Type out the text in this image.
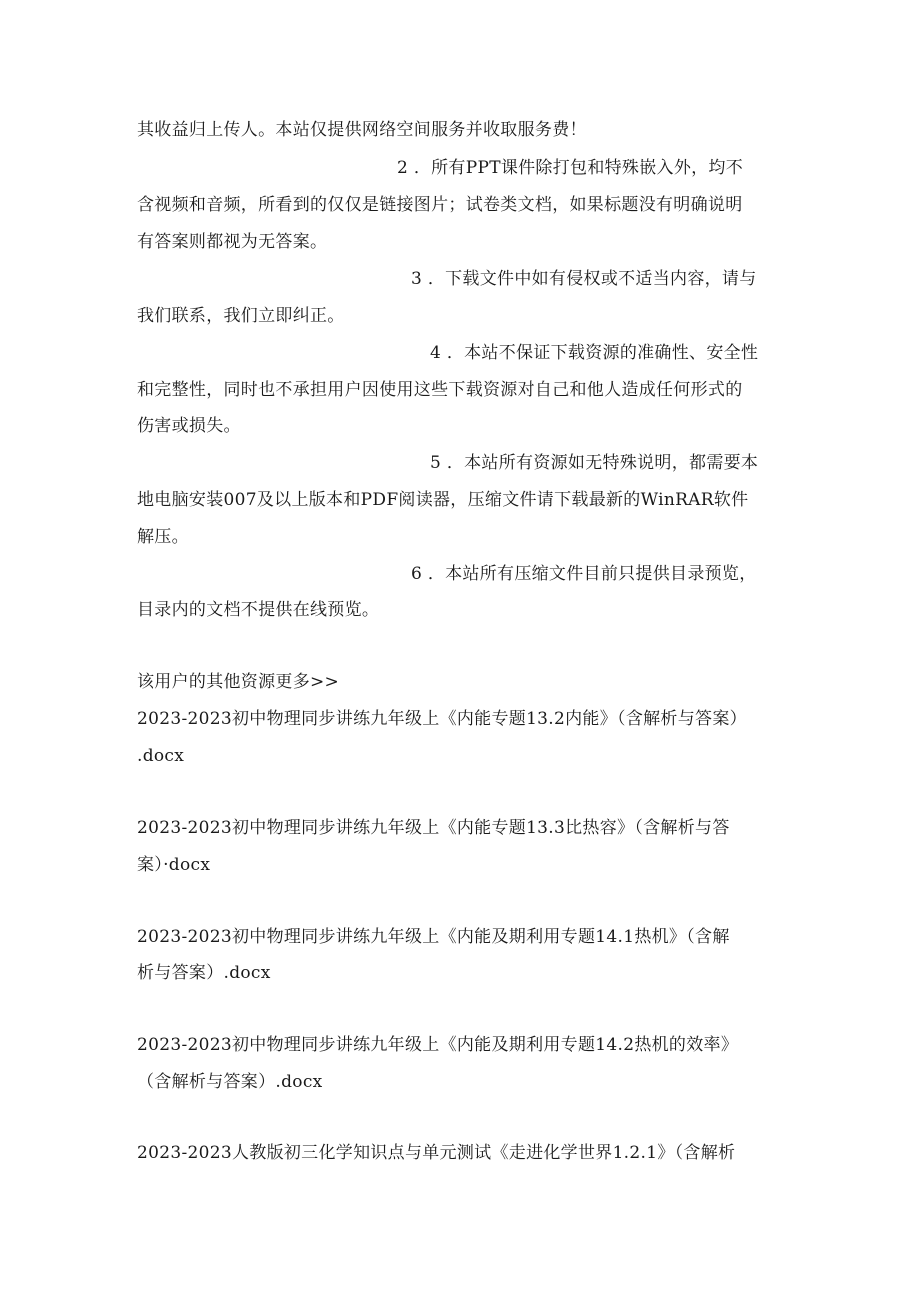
其收益归上传人。本站仅提供网络空间服务并收取服务费！
2 ．所有PPT课件除打包和特殊嵌入外，均不
含视频和音频，所看到的仅仅是链接图片；试卷类文档，如果标题没有明确说明
有答案则都视为无答案。
3 ．下载文件中如有侵权或不适当内容，请与
我们联系，我们立即纠正。
4 ．本站不保证下载资源的准确性、安全性
和完整性，同时也不承担用户因使用这些下载资源对自己和他人造成任何形式的
伤害或损失。
5 ．本站所有资源如无特殊说明，都需要本
地电脑安装007及以上版本和PDF阅读器，压缩文件请下载最新的WinRAR软件
解压。
6 ．本站所有压缩文件目前只提供目录预览，
目录内的文档不提供在线预览。
该用户的其他资源更多>>
2023-2023初中物理同步讲练九年级上《内能专题13.2内能》（含解析与答案）
.docx
2023-2023初中物理同步讲练九年级上《内能专题13.3比热容》（含解析与答
案）·docx
2023-2023初中物理同步讲练九年级上《内能及期利用专题14.1热机》（含解
析与答案）.docx
2023-2023初中物理同步讲练九年级上《内能及期利用专题14.2热机的效率》
（含解析与答案）.docx
2023-2023人教版初三化学知识点与单元测试《走进化学世界1.2.1》（含解析
